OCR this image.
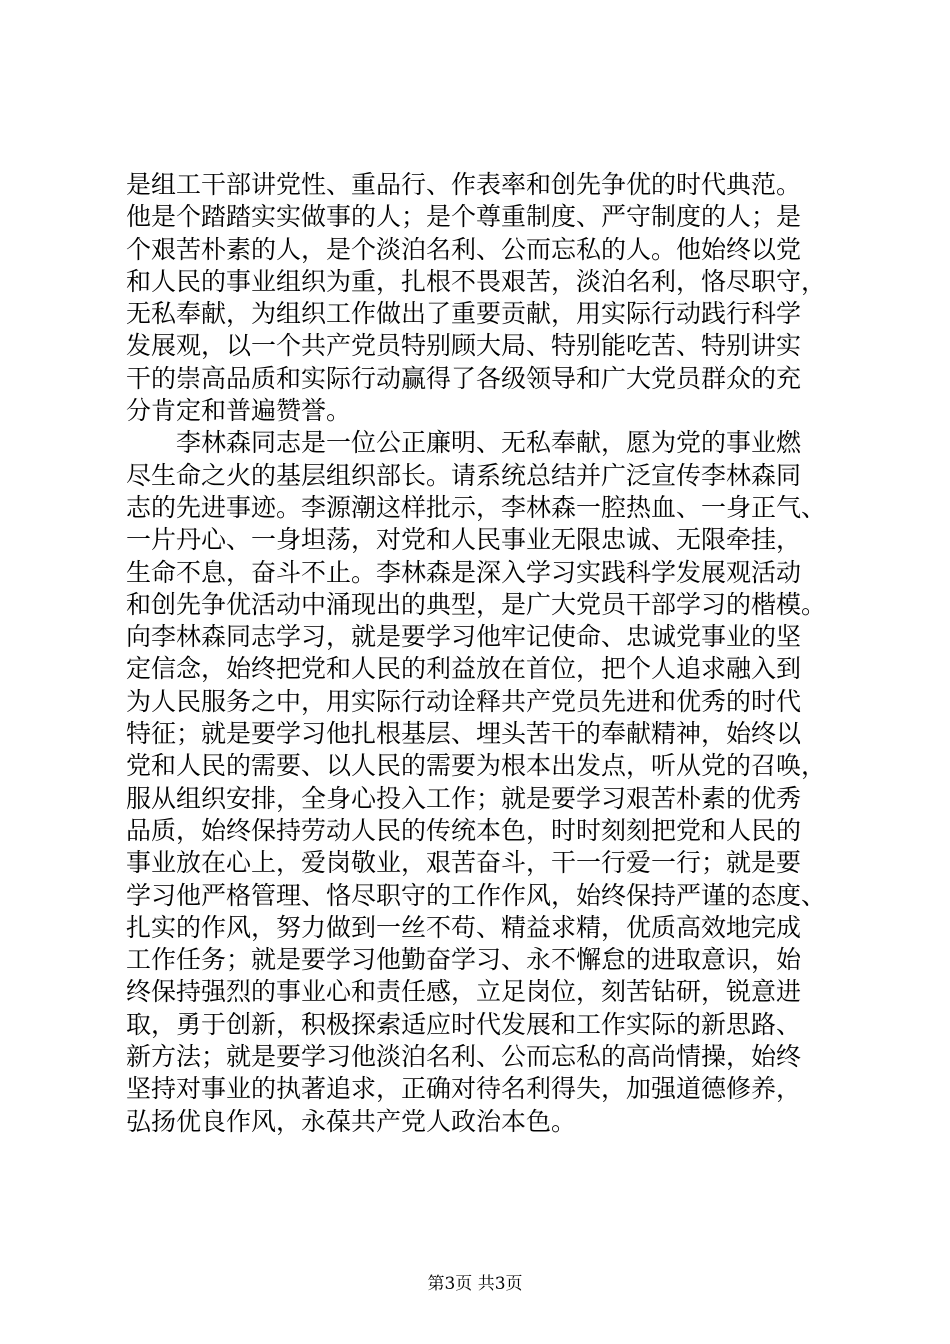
是组工干部讲党性、重品行、作表率和创先争优的时代典范。
他是个踏踏实实做事的人；是个尊重制度、严守制度的人；是
个艰苦朴素的人，是个淡泊名利、公而忘私的人。他始终以党
和人民的事业组织为重，扎根不畏艰苦，淡泊名利，恪尽职守，
无私奉献，为组织工作做出了重要贡献，用实际行动践行科学
发展观，以一个共产党员特别顾大局、特别能吃苦、特别讲实
干的崇高品质和实际行动赢得了各级领导和广大党员群众的充
分肯定和普遍赞誉。
　　李林森同志是一位公正廉明、无私奉献，愿为党的事业燃
尽生命之火的基层组织部长。请系统总结并广泛宣传李林森同
志的先进事迹。李源潮这样批示，李林森一腔热血、一身正气、
一片丹心、一身坦荡，对党和人民事业无限忠诚、无限牵挂，
生命不息，奋斗不止。李林森是深入学习实践科学发展观活动
和创先争优活动中涌现出的典型，是广大党员干部学习的楷模。
向李林森同志学习，就是要学习他牢记使命、忠诚党事业的坚
定信念，始终把党和人民的利益放在首位，把个人追求融入到
为人民服务之中，用实际行动诠释共产党员先进和优秀的时代
特征；就是要学习他扎根基层、埋头苦干的奉献精神，始终以
党和人民的需要、以人民的需要为根本出发点，听从党的召唤，
服从组织安排，全身心投入工作；就是要学习艰苦朴素的优秀
品质，始终保持劳动人民的传统本色，时时刻刻把党和人民的
事业放在心上，爱岗敬业，艰苦奋斗，干一行爱一行；就是要
学习他严格管理、恪尽职守的工作作风，始终保持严谨的态度、
扎实的作风，努力做到一丝不苟、精益求精，优质高效地完成
工作任务；就是要学习他勤奋学习、永不懈怠的进取意识，始
终保持强烈的事业心和责任感，立足岗位，刻苦钻研，锐意进
取，勇于创新，积极探索适应时代发展和工作实际的新思路、
新方法；就是要学习他淡泊名利、公而忘私的高尚情操，始终
坚持对事业的执著追求，正确对待名利得失，加强道德修养，
弘扬优良作风，永葆共产党人政治本色。
第3页 共3页
